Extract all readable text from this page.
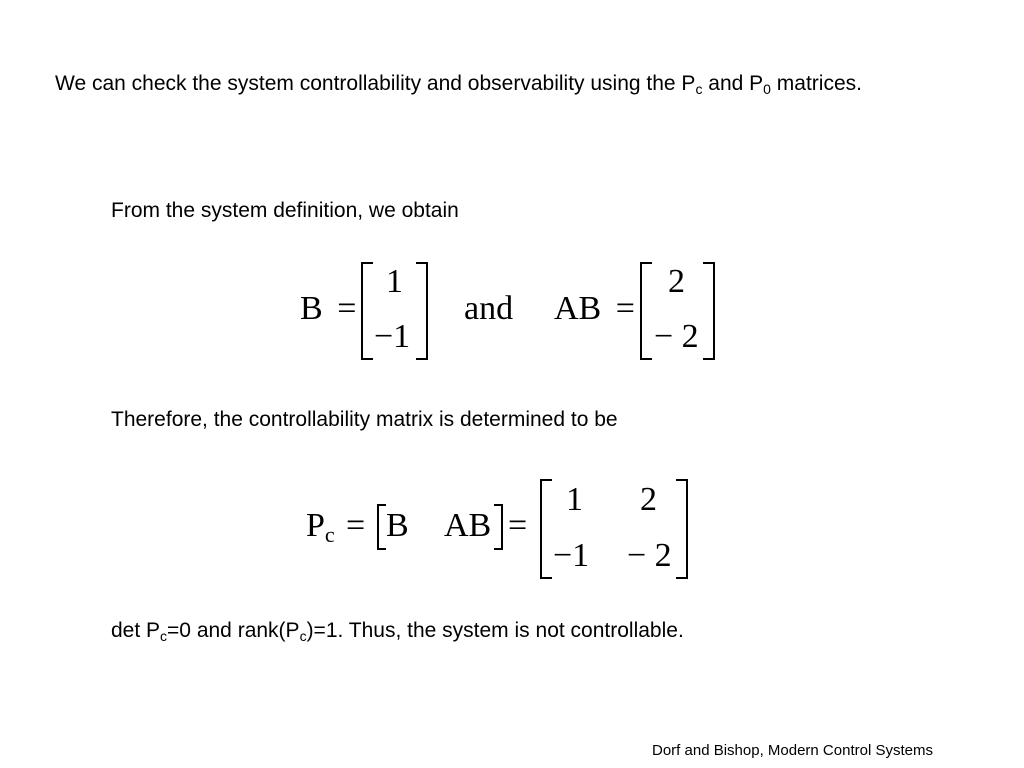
We can check the system controllability and observability using the $P_c$ and $P_0$ matrices.
From the system definition, we obtain
B =
1
−1
and AB =
2
− 2
Therefore, the controllability matrix is determined to be
$P_c = B$ AB =
1 2
−1 − 2
$\det P_c=0$ and $rank(P_c)=1$. Thus, the system is not controllable.
Dorf and Bishop, Modern Control Systems
